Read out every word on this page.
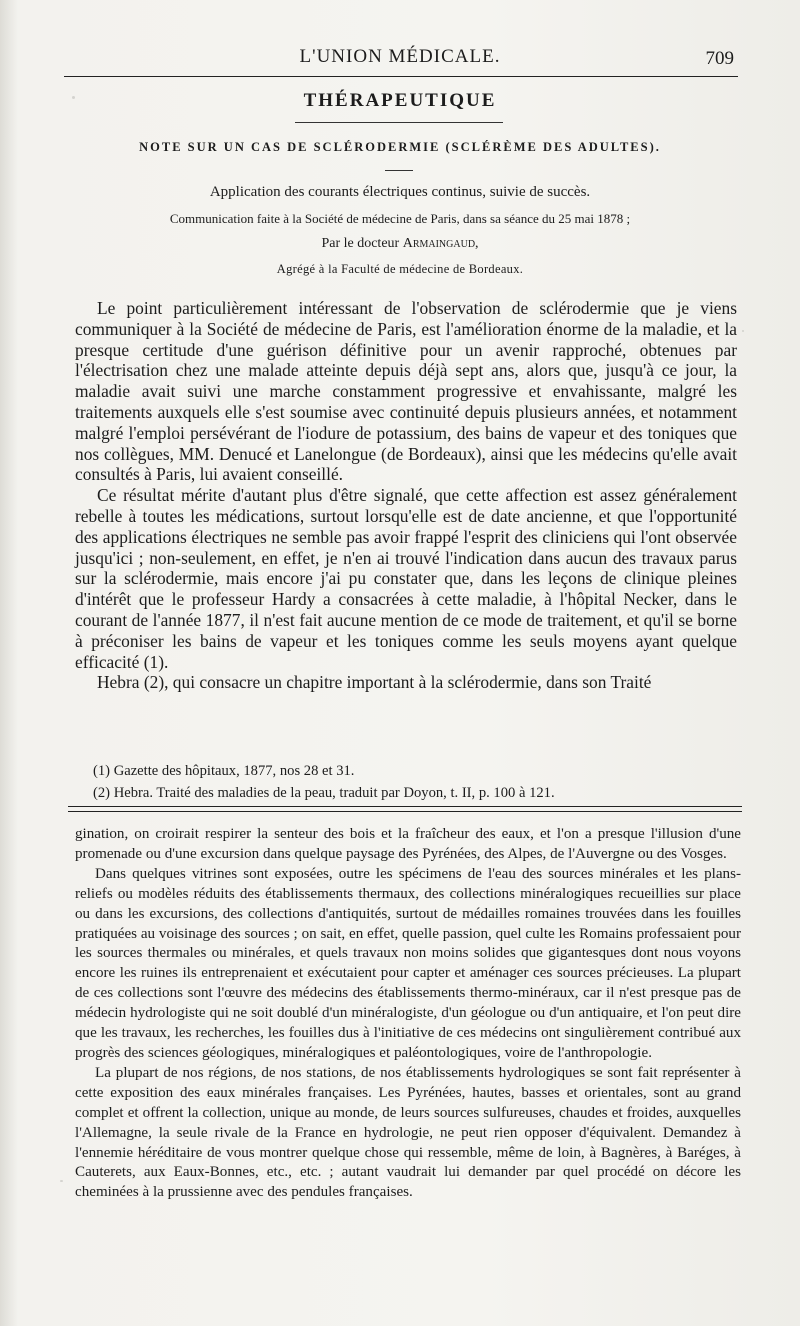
L'UNION MÉDICALE.	709
THÉRAPEUTIQUE
NOTE SUR UN CAS DE SCLÉRODERMIE (SCLÉRÈME DES ADULTES).
Application des courants électriques continus, suivie de succès.
Communication faite à la Société de médecine de Paris, dans sa séance du 25 mai 1878 ;
Par le docteur Armaingaud,
Agrégé à la Faculté de médecine de Bordeaux.

Le point particulièrement intéressant de l'observation de sclérodermie que je viens communiquer à la Société de médecine de Paris, est l'amélioration énorme de la maladie, et la presque certitude d'une guérison définitive pour un avenir rapproché, obtenues par l'électrisation chez une malade atteinte depuis déjà sept ans, alors que, jusqu'à ce jour, la maladie avait suivi une marche constamment progressive et envahissante, malgré les traitements auxquels elle s'est soumise avec continuité depuis plusieurs années, et notamment malgré l'emploi persévérant de l'iodure de potassium, des bains de vapeur et des toniques que nos collègues, MM. Denucé et Lanelongue (de Bordeaux), ainsi que les médecins qu'elle avait consultés à Paris, lui avaient conseillé.

Ce résultat mérite d'autant plus d'être signalé, que cette affection est assez généralement rebelle à toutes les médications, surtout lorsqu'elle est de date ancienne, et que l'opportunité des applications électriques ne semble pas avoir frappé l'esprit des cliniciens qui l'ont observée jusqu'ici ; non-seulement, en effet, je n'en ai trouvé l'indication dans aucun des travaux parus sur la sclérodermie, mais encore j'ai pu constater que, dans les leçons de clinique pleines d'intérêt que le professeur Hardy a consacrées à cette maladie, à l'hôpital Necker, dans le courant de l'année 1877, il n'est fait aucune mention de ce mode de traitement, et qu'il se borne à préconiser les bains de vapeur et les toniques comme les seuls moyens ayant quelque efficacité (1).

Hebra (2), qui consacre un chapitre important à la sclérodermie, dans son Traité

(1) Gazette des hôpitaux, 1877, nos 28 et 31.
(2) Hebra. Traité des maladies de la peau, traduit par Doyon, t. II, p. 100 à 121.

gination, on croirait respirer la senteur des bois et la fraîcheur des eaux, et l'on a presque l'illusion d'une promenade ou d'une excursion dans quelque paysage des Pyrénées, des Alpes, de l'Auvergne ou des Vosges.

Dans quelques vitrines sont exposées, outre les spécimens de l'eau des sources minérales et les plans-reliefs ou modèles réduits des établissements thermaux, des collections minéralogiques recueillies sur place ou dans les excursions, des collections d'antiquités, surtout de médailles romaines trouvées dans les fouilles pratiquées au voisinage des sources ; on sait, en effet, quelle passion, quel culte les Romains professaient pour les sources thermales ou minérales, et quels travaux non moins solides que gigantesques dont nous voyons encore les ruines ils entreprenaient et exécutaient pour capter et aménager ces sources précieuses. La plupart de ces collections sont l'œuvre des médecins des établissements thermo-minéraux, car il n'est presque pas de médecin hydrologiste qui ne soit doublé d'un minéralogiste, d'un géologue ou d'un antiquaire, et l'on peut dire que les travaux, les recherches, les fouilles dus à l'initiative de ces médecins ont singulièrement contribué aux progrès des sciences géologiques, minéralogiques et paléontologiques, voire de l'anthropologie.

La plupart de nos régions, de nos stations, de nos établissements hydrologiques se sont fait représenter à cette exposition des eaux minérales françaises. Les Pyrénées, hautes, basses et orientales, sont au grand complet et offrent la collection, unique au monde, de leurs sources sulfureuses, chaudes et froides, auxquelles l'Allemagne, la seule rivale de la France en hydrologie, ne peut rien opposer d'équivalent. Demandez à l'ennemie héréditaire de vous montrer quelque chose qui ressemble, même de loin, à Bagnères, à Baréges, à Cauterets, aux Eaux-Bonnes, etc., etc. ; autant vaudrait lui demander par quel procédé on décore les cheminées à la prussienne avec des pendules françaises.
